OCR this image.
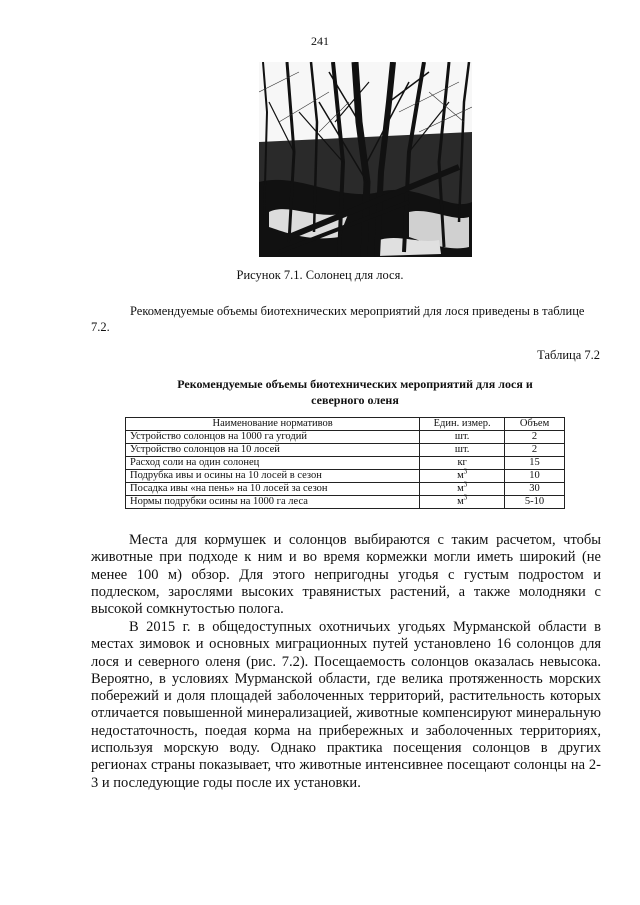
241
Рисунок 7.1. Солонец для лося.
Рекомендуемые объемы биотехнических мероприятий для лося приведены в таблице
7.2.
Таблица 7.2
Рекомендуемые объемы биотехнических мероприятий для лося и
северного оленя
Наименование нормативов	Един. измер.	Объем
Устройство солонцов на 1000 га угодий	шт.	2
Устройство солонцов на 10 лосей	шт.	2
Расход соли на один солонец	кг	15
Подрубка ивы и осины на 10 лосей в сезон	$м^3$	10
Посадка ивы «на пень» на 10 лосей за сезон	$м^3$	30
Нормы подрубки осины на 1000 га леса	$м^3$	5-10

Места для кормушек и солонцов выбираются с таким расчетом, чтобы животные при подходе к ним и во время кормежки могли иметь широкий (не менее 100 м) обзор. Для этого непригодны угодья с густым подростом и подлеском, зарослями высоких травянистых растений, а также молодняки с высокой сомкнутостью полога.

В 2015 г. в общедоступных охотничьих угодьях Мурманской области в местах зимовок и основных миграционных путей установлено 16 солонцов для лося и северного оленя (рис. 7.2). Посещаемость солонцов оказалась невысока. Вероятно, в условиях Мурманской области, где велика протяженность морских побережий и доля площадей заболоченных территорий, растительность которых отличается повышенной минерализацией, животные компенсируют минеральную недостаточность, поедая корма на прибережных и заболоченных территориях, используя морскую воду. Однако практика посещения солонцов в других регионах страны показывает, что животные интенсивнее посещают солонцы на 2-3 и последующие годы после их установки.
